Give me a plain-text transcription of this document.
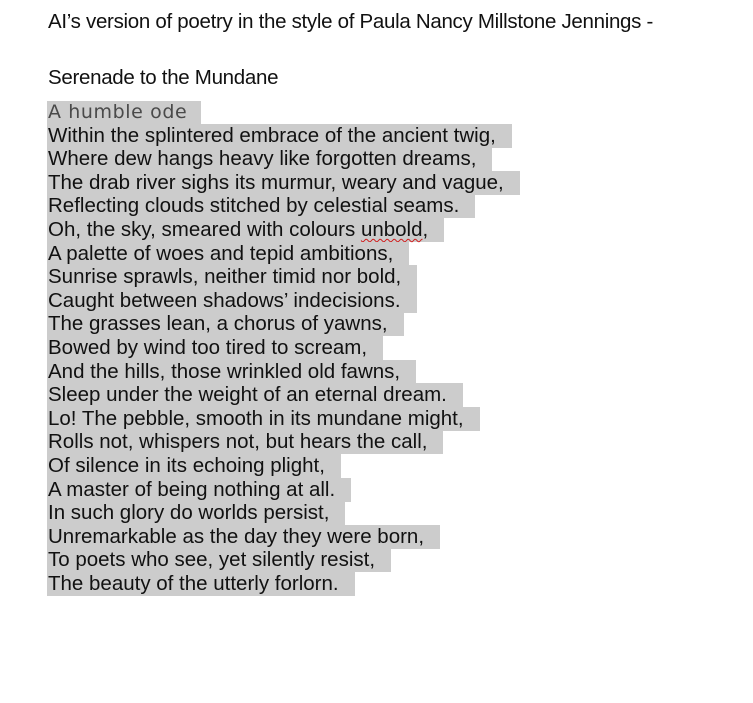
AI’s version of poetry in the style of Paula Nancy Millstone Jennings -
Serenade to the Mundane
A humble ode
Within the splintered embrace of the ancient twig,
Where dew hangs heavy like forgotten dreams,
The drab river sighs its murmur, weary and vague,
Reflecting clouds stitched by celestial seams.
Oh, the sky, smeared with colours unbold,
A palette of woes and tepid ambitions,
Sunrise sprawls, neither timid nor bold,
Caught between shadows’ indecisions.
The grasses lean, a chorus of yawns,
Bowed by wind too tired to scream,
And the hills, those wrinkled old fawns,
Sleep under the weight of an eternal dream.
Lo! The pebble, smooth in its mundane might,
Rolls not, whispers not, but hears the call,
Of silence in its echoing plight,
A master of being nothing at all.
In such glory do worlds persist,
Unremarkable as the day they were born,
To poets who see, yet silently resist,
The beauty of the utterly forlorn.
